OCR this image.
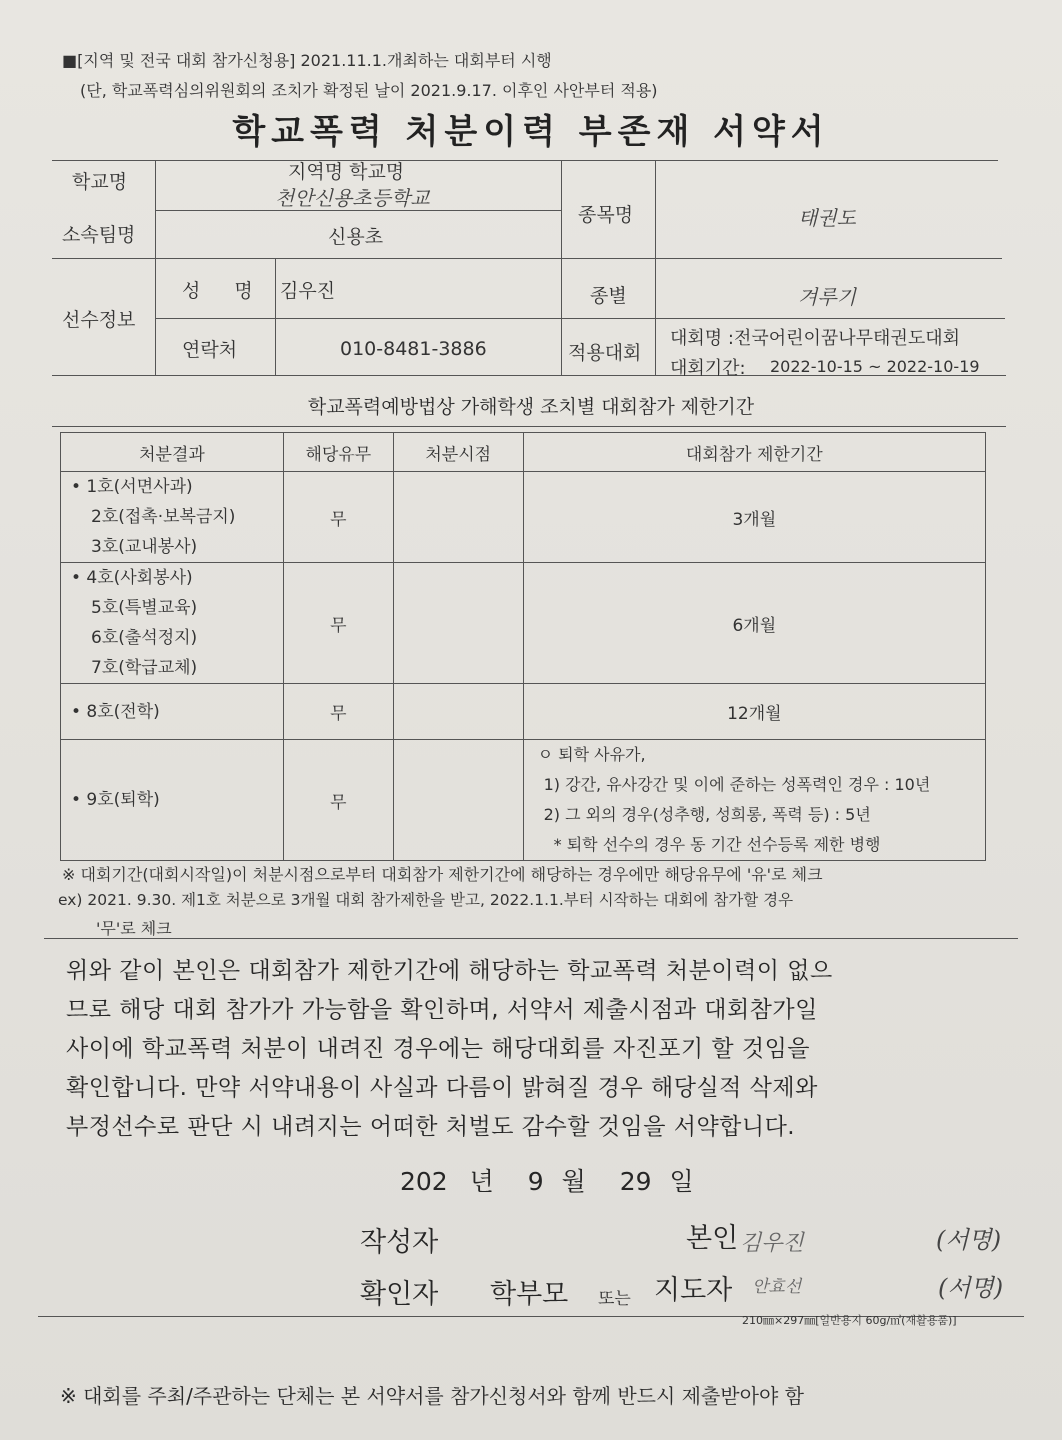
■[지역 및 전국 대회 참가신청용] 2021.11.1.개최하는 대회부터 시행
(단, 학교폭력심의위원회의 조치가 확정된 날이 2021.9.17. 이후인 사안부터 적용)
학교폭력 처분이력 부존재 서약서
학교명	지역명 학교명
천안신용초등학교
소속팀명	신용초
종목명	태권도
선수정보
성 명 김우진	종별	겨루기
연락처	010-8481-3886	적용대회
대회명 :전국어린이꿈나무태권도대회
대회기간: 2022-10-15 ~ 2022-10-19
학교폭력예방법상 가해학생 조치별 대회참가 제한기간
처분결과	해당유무	처분시점	대회참가 제한기간

• 1호(서면사과)
2호(접촉·보복금지)
3호(교내봉사)	무		3개월

• 4호(사회봉사)
5호(특별교육)
6호(출석정지)
7호(학급교체)	무		6개월

• 8호(전학)	무		12개월

• 9호(퇴학)	무		ㅇ 퇴학 사유가,
1) 강간, 유사강간 및 이에 준하는 성폭력인 경우 : 10년
2) 그 외의 경우(성추행, 성희롱, 폭력 등) : 5년
* 퇴학 선수의 경우 동 기간 선수등록 제한 병행
※ 대회기간(대회시작일)이 처분시점으로부터 대회참가 제한기간에 해당하는 경우에만 해당유무에 '유'로 체크
ex) 2021. 9.30. 제1호 처분으로 3개월 대회 참가제한을 받고, 2022.1.1.부터 시작하는 대회에 참가할 경우
'무'로 체크
위와 같이 본인은 대회참가 제한기간에 해당하는 학교폭력 처분이력이 없으
므로 해당 대회 참가가 가능함을 확인하며, 서약서 제출시점과 대회참가일
사이에 학교폭력 처분이 내려진 경우에는 해당대회를 자진포기 할 것임을
확인합니다. 만약 서약내용이 사실과 다름이 밝혀질 경우 해당실적 삭제와
부정선수로 판단 시 내려지는 어떠한 처벌도 감수할 것임을 서약합니다.
202 년 9 월 29 일
작성자	본인 김우진	(서명)
확인자 학부모 또는 지도자 안효선	(서명)
210㎜×297㎜[일반용지 60g/㎡(재활용품)]
※ 대회를 주최/주관하는 단체는 본 서약서를 참가신청서와 함께 반드시 제출받아야 함
